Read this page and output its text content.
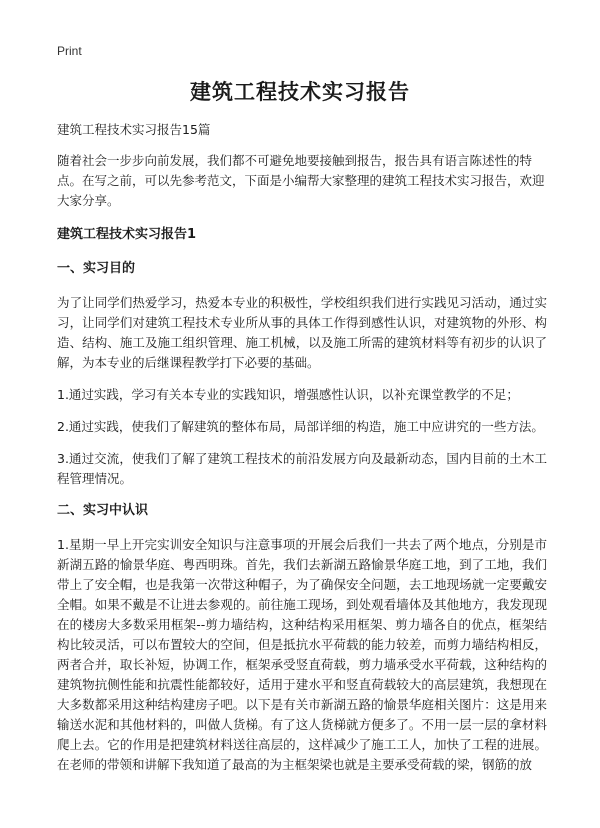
Print
建筑工程技术实习报告

建筑工程技术实习报告15篇

随着社会一步步向前发展，我们都不可避免地要接触到报告，报告具有语言陈述性的特点。在写之前，可以先参考范文，下面是小编帮大家整理的建筑工程技术实习报告，欢迎大家分享。

建筑工程技术实习报告1

一、实习目的

为了让同学们热爱学习，热爱本专业的积极性，学校组织我们进行实践见习活动，通过实习，让同学们对建筑工程技术专业所从事的具体工作得到感性认识，对建筑物的外形、构造、结构、施工及施工组织管理、施工机械，以及施工所需的建筑材料等有初步的认识了解，为本专业的后继课程教学打下必要的基础。

1.通过实践，学习有关本专业的实践知识，增强感性认识，以补充课堂教学的不足；

2.通过实践，使我们了解建筑的整体布局，局部详细的构造，施工中应讲究的一些方法。

3.通过交流，使我们了解了建筑工程技术的前沿发展方向及最新动态，国内目前的土木工程管理情况。

二、实习中认识

1.星期一早上开完实训安全知识与注意事项的开展会后我们一共去了两个地点，分别是市新湖五路的愉景华庭、粤西明珠。首先，我们去新湖五路愉景华庭工地，到了工地，我们带上了安全帽，也是我第一次带这种帽子，为了确保安全问题，去工地现场就一定要戴安全帽。如果不戴是不让进去参观的。前往施工现场，到处观看墙体及其他地方，我发现现在的楼房大多数采用框架--剪力墙结构，这种结构采用框架、剪力墙各自的优点，框架结构比较灵活，可以布置较大的空间，但是抵抗水平荷载的能力较差，而剪力墙结构相反，两者合并，取长补短，协调工作，框架承受竖直荷载，剪力墙承受水平荷载，这种结构的建筑物抗侧性能和抗震性能都较好，适用于建水平和竖直荷载较大的高层建筑，我想现在大多数都采用这种结构建房子吧。以下是有关市新湖五路的愉景华庭相关图片：这是用来输送水泥和其他材料的，叫做人货梯。有了这人货梯就方便多了。不用一层一层的拿材料爬上去。它的作用是把建筑材料送往高层的，这样减少了施工工人，加快了工程的进展。在老师的带领和讲解下我知道了最高的为主框架梁也就是主要承受荷载的梁，钢筋的放
